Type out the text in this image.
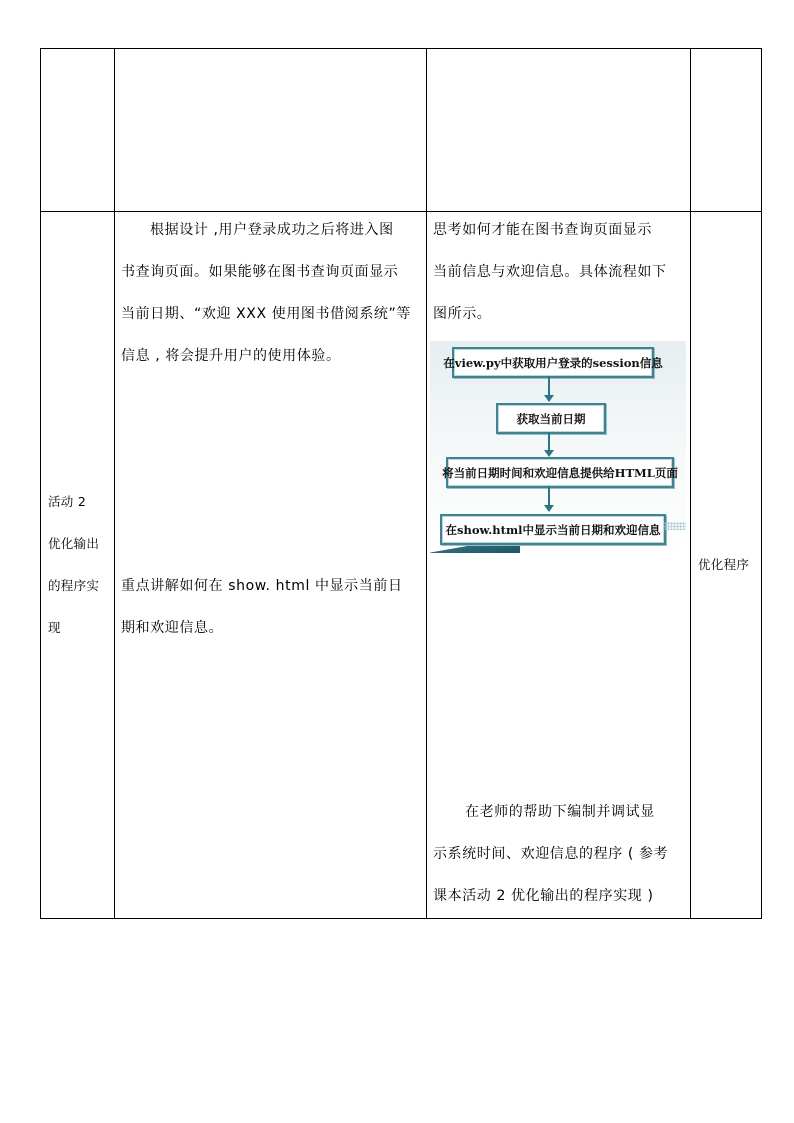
活动 2
优化输出
的程序实
现
根据设计 ,用户登录成功之后将进入图
书查询页面。如果能够在图书查询页面显示
当前日期、“欢迎 XXX 使用图书借阅系统”等
信息 , 将会提升用户的使用体验。
重点讲解如何在 show. html 中显示当前日
期和欢迎信息。
思考如何才能在图书查询页面显示
当前信息与欢迎信息。具体流程如下
图所示。
在view.py中获取用户登录的session信息
获取当前日期
将当前日期时间和欢迎信息提供给HTML页面
在show.html中显示当前日期和欢迎信息
在老师的帮助下编制并调试显
示系统时间、欢迎信息的程序 ( 参考
课本活动 2 优化输出的程序实现 )
优化程序
